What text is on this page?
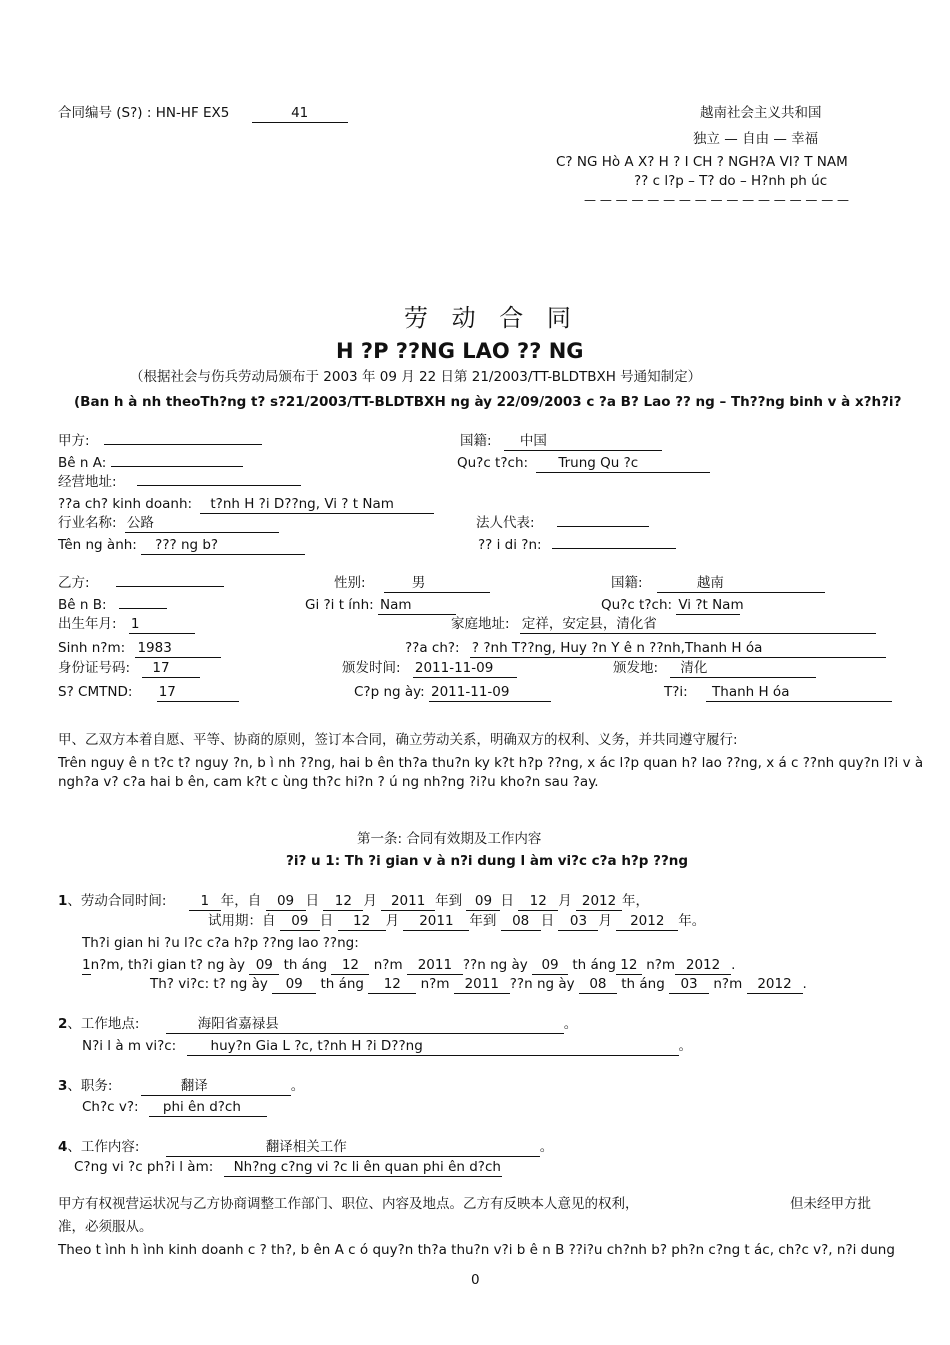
合同编号 (S?) : HN-HF EX5	41	越南社会主义共和国
独立 — 自由 — 幸福
C? NG Hò A X? H ? I CH ? NGH?A VI? T NAM
?? c l?p – T? do – H?nh ph úc
— — — — — — — — — — — — — — — — —
劳 动 合 同
H ?P ??NG LAO ?? NG
（根据社会与伤兵劳动局颁布于 2003 年 09 月 22 日第 21/2003/TT-BLDTBXH 号通知制定）
(Ban h à nh theoTh?ng t? s?21/2003/TT-BLDTBXH ng ày 22/09/2003 c ?a B? Lao ?? ng – Th??ng binh v à x?h?i?
甲方:	国籍: 中国
Bê n A:	Qu?c t?ch: Trung Qu ?c
经营地址:
??a ch? kinh doanh: t?nh H ?i D??ng, Vi ? t Nam
行业名称: 公路	法人代表:
Tên ng ành: ??? ng b?	?? i di ?n:
乙方:	性别:	男	国籍:	越南
Bê n B:	Gi ?i t ính: Nam	Qu?c t?ch: Vi ?t Nam
出生年月: 1	家庭地址: 定祥，安定县，清化省
Sinh n?m: 1983	??a ch?: ? ?nh T??ng, Huy ?n Y ê n ??nh,Thanh H óa
身份证号码: 17	颁发时间: 2011-11-09	颁发地: 清化
S? CMTND: 17	C?p ng ày: 2011-11-09	T?i: Thanh H óa
甲、乙双方本着自愿、平等、协商的原则，签订本合同，确立劳动关系，明确双方的权利、义务，并共同遵守履行:
Trên nguy ê n t?c t? nguy ?n, b ì nh ??ng, hai b ên th?a thu?n ky k?t h?p ??ng, x ác l?p quan h? lao ??ng, x á c ??nh quy?n l?i v à
ngh?a v? c?a hai b ên, cam k?t c ùng th?c hi?n ? ú ng nh?ng ?i?u kho?n sau ?ay.
第一条: 合同有效期及工作内容
?i? u 1: Th ?i gian v à n?i dung l àm vi?c c?a h?p ??ng
1、劳动合同时间:	1 年，自 09 日 12 月 2011 年到 09 日 12 月 2012 年，
试用期：自 09 日 12 月 2011 年到 08 日 03 月 2012 年。
Th?i gian hi ?u l?c c?a h?p ??ng lao ??ng:
1n?m, th?i gian t? ng ày 09 th áng 12 n?m 2011 ??n ng ày 09 th áng 12 n?m 2012 .
Th? vi?c: t? ng ày 09 th áng 12 n?m 2011 ??n ng ày 08 th áng 03 n?m 2012 .
2、工作地点:	海阳省嘉禄县	。
N?i l à m vi?c:	huy?n Gia L ?c, t?nh H ?i D??ng	。
3、职务:	翻译	。
Ch?c v?: phi ên d?ch
4、工作内容:	翻译相关工作	。
C?ng vi ?c ph?i l àm: Nh?ng c?ng vi ?c li ên quan phi ên d?ch
甲方有权视营运状况与乙方协商调整工作部门、职位、内容及地点。乙方有反映本人意见的权利，	但未经甲方批
准，必须服从。
Theo t ình h ình kinh doanh c ? th?, b ên A c ó quy?n th?a thu?n v?i b ê n B ??i?u ch?nh b? ph?n c?ng t ác, ch?c v?, n?i dung
0
